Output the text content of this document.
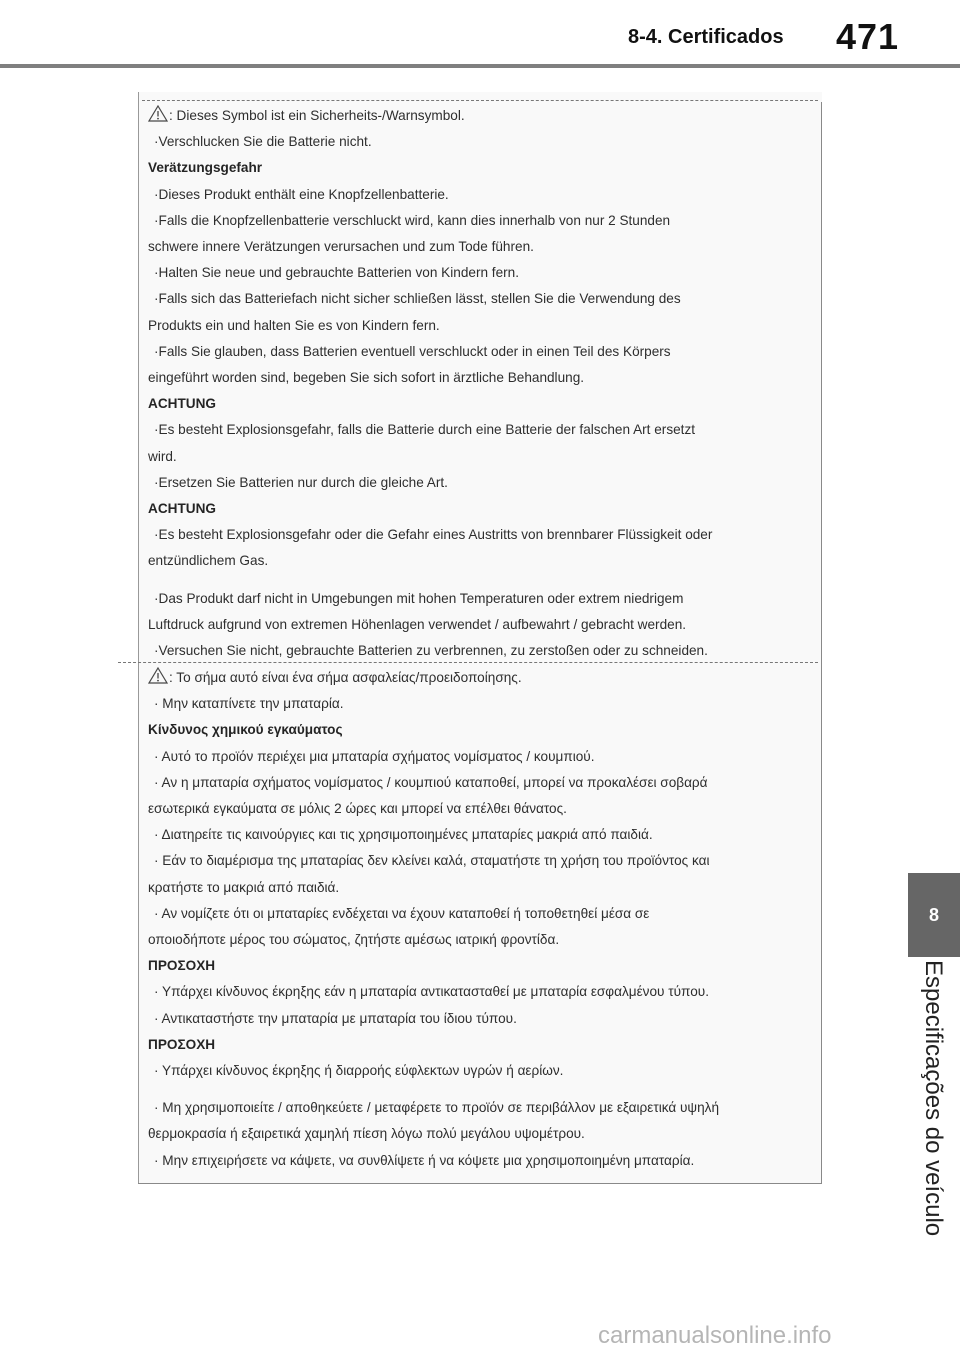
8-4. Certificados 471
8
Especificações do veículo

: Dieses Symbol ist ein Sicherheits-/Warnsymbol.

·Verschlucken Sie die Batterie nicht.

Verätzungsgefahr

·Dieses Produkt enthält eine Knopfzellenbatterie.

·Falls die Knopfzellenbatterie verschluckt wird, kann dies innerhalb von nur 2 Stunden

schwere innere Verätzungen verursachen und zum Tode führen.

·Halten Sie neue und gebrauchte Batterien von Kindern fern.

·Falls sich das Batteriefach nicht sicher schließen lässt, stellen Sie die Verwendung des

Produkts ein und halten Sie es von Kindern fern.

·Falls Sie glauben, dass Batterien eventuell verschluckt oder in einen Teil des Körpers

eingeführt worden sind, begeben Sie sich sofort in ärztliche Behandlung.

ACHTUNG

·Es besteht Explosionsgefahr, falls die Batterie durch eine Batterie der falschen Art ersetzt

wird.

·Ersetzen Sie Batterien nur durch die gleiche Art.

ACHTUNG

·Es besteht Explosionsgefahr oder die Gefahr eines Austritts von brennbarer Flüssigkeit oder

entzündlichem Gas.

·Das Produkt darf nicht in Umgebungen mit hohen Temperaturen oder extrem niedrigem

Luftdruck aufgrund von extremen Höhenlagen verwendet / aufbewahrt / gebracht werden.

·Versuchen Sie nicht, gebrauchte Batterien zu verbrennen, zu zerstoßen oder zu schneiden.

: Το σήμα αυτό είναι ένα σήμα ασφαλείας/προειδοποίησης.

· Μην καταπίνετε την μπαταρία.

Κίνδυνος χημικού εγκαύματος

· Αυτό το προϊόν περιέχει μια μπαταρία σχήματος νομίσματος / κουμπιού.

· Αν η μπαταρία σχήματος νομίσματος / κουμπιού καταποθεί, μπορεί να προκαλέσει σοβαρά

εσωτερικά εγκαύματα σε μόλις 2 ώρες και μπορεί να επέλθει θάνατος.

· Διατηρείτε τις καινούργιες και τις χρησιμοποιημένες μπαταρίες μακριά από παιδιά.

· Εάν το διαμέρισμα της μπαταρίας δεν κλείνει καλά, σταματήστε τη χρήση του προϊόντος και

κρατήστε το μακριά από παιδιά.

· Αν νομίζετε ότι οι μπαταρίες ενδέχεται να έχουν καταποθεί ή τοποθετηθεί μέσα σε

οποιοδήποτε μέρος του σώματος, ζητήστε αμέσως ιατρική φροντίδα.

ΠΡΟΣΟΧΗ

· Υπάρχει κίνδυνος έκρηξης εάν η μπαταρία αντικατασταθεί με μπαταρία εσφαλμένου τύπου.

· Αντικαταστήστε την μπαταρία με μπαταρία του ίδιου τύπου.

ΠΡΟΣΟΧΗ

· Υπάρχει κίνδυνος έκρηξης ή διαρροής εύφλεκτων υγρών ή αερίων.

· Μη χρησιμοποιείτε / αποθηκεύετε / μεταφέρετε το προϊόν σε περιβάλλον με εξαιρετικά υψηλή

θερμοκρασία ή εξαιρετικά χαμηλή πίεση λόγω πολύ μεγάλου υψομέτρου.

· Μην επιχειρήσετε να κάψετε, να συνθλίψετε ή να κόψετε μια χρησιμοποιημένη μπαταρία.

carmanualsonline.info
